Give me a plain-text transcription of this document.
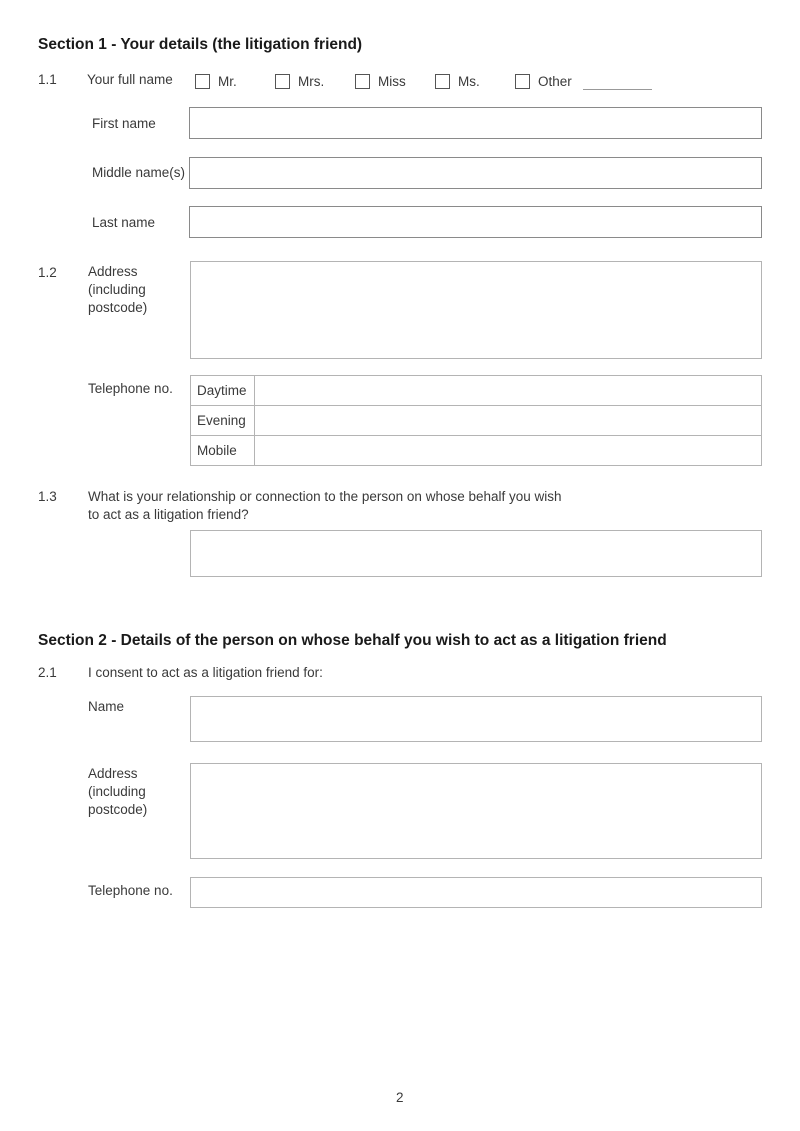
Section 1 - Your details (the litigation friend)
1.1 Your full name	Mr.	Mrs.	Miss	Ms.	Other
First name
Middle name(s)
Last name
1.2 Address
(including
postcode)
Telephone no. Daytime	
Evening	
Mobile	
1.3 What is your relationship or connection to the person on whose behalf you wish
to act as a litigation friend?
Section 2 - Details of the person on whose behalf you wish to act as a litigation friend
2.1 I consent to act as a litigation friend for:
Name
Address
(including
postcode)
Telephone no.
2
